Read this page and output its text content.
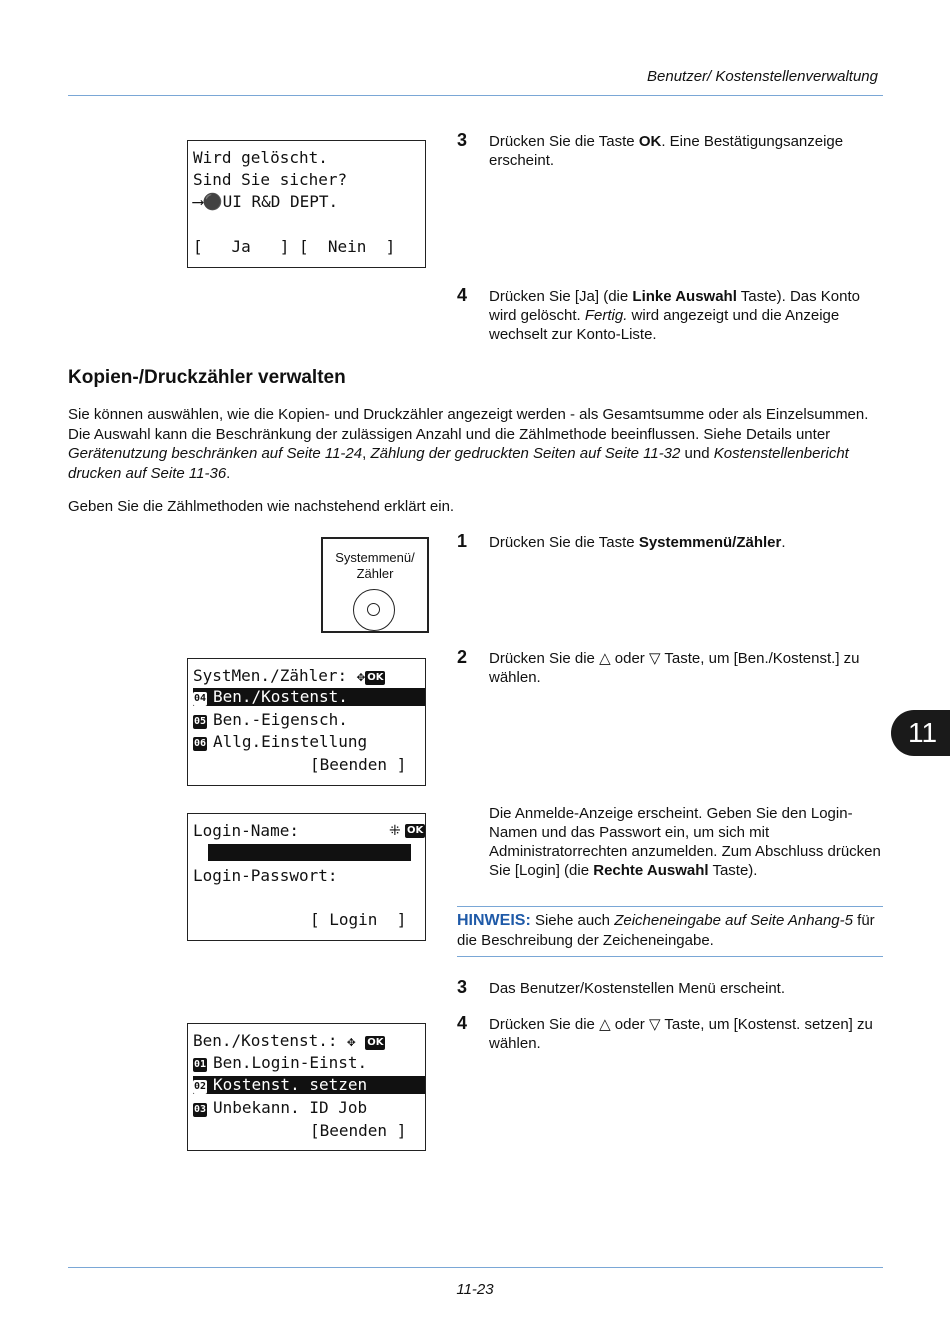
Benutzer/ Kostenstellenverwaltung
Wird gelöscht.
Sind Sie sicher?
⟶⚫UI R&D DEPT.
[   Ja   ] [  Nein  ]
3 Drücken Sie die Taste OK. Eine Bestätigungsanzeige erscheint.
4 Drücken Sie [Ja] (die Linke Auswahl Taste). Das Konto wird gelöscht. Fertig. wird angezeigt und die Anzeige wechselt zur Konto-Liste.
Kopien-/Druckzähler verwalten
Sie können auswählen, wie die Kopien- und Druckzähler angezeigt werden - als Gesamtsumme oder als Einzelsummen. Die Auswahl kann die Beschränkung der zulässigen Anzahl und die Zählmethode beeinflussen. Siehe Details unter Gerätenutzung beschränken auf Seite 11-24, Zählung der gedruckten Seiten auf Seite 11-32 und Kostenstellenbericht drucken auf Seite 11-36.
Geben Sie die Zählmethoden wie nachstehend erklärt ein.
Systemmenü/
Zähler
1 Drücken Sie die Taste Systemmenü/Zähler.
SystMen./Zähler: ✥ OK
04 Ben./Kostenst.
05 Ben.-Eigensch.
06 Allg.Einstellung
[Beenden ]
2 Drücken Sie die △ oder ▽ Taste, um [Ben./Kostenst.] zu wählen.
11
Login-Name:	⁜ OK
Login-Passwort:
[ Login  ]
Die Anmelde-Anzeige erscheint. Geben Sie den Login-Namen und das Passwort ein, um sich mit Administratorrechten anzumelden. Zum Abschluss drücken Sie [Login] (die Rechte Auswahl Taste).
HINWEIS: Siehe auch Zeicheneingabe auf Seite Anhang-5 für die Beschreibung der Zeicheneingabe.
3 Das Benutzer/Kostenstellen Menü erscheint.
4 Drücken Sie die △ oder ▽ Taste, um [Kostenst. setzen] zu wählen.
Ben./Kostenst.: ✥ OK
01 Ben.Login-Einst.
02 Kostenst. setzen
03 Unbekann. ID Job
[Beenden ]
11-23
